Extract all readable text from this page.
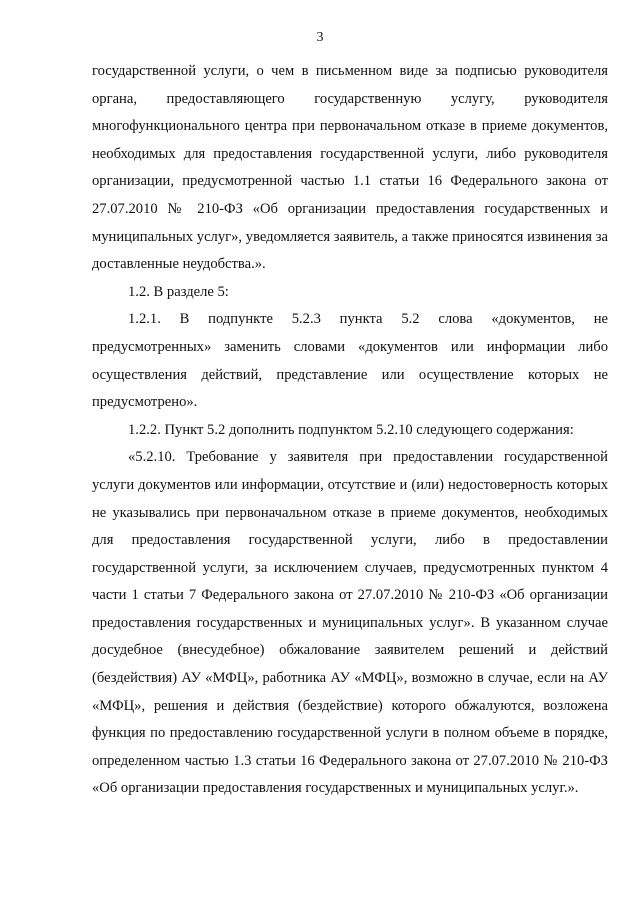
3

государственной услуги, о чем в письменном виде за подписью руководителя органа, предоставляющего государственную услугу, руководителя многофункционального центра при первоначальном отказе в приеме документов, необходимых для предоставления государственной услуги, либо руководителя организации, предусмотренной частью 1.1 статьи 16 Федерального закона от 27.07.2010 № 210-ФЗ «Об организации предоставления государственных и муниципальных услуг», уведомляется заявитель, а также приносятся извинения за доставленные неудобства.».

1.2. В разделе 5:

1.2.1. В подпункте 5.2.3 пункта 5.2 слова «документов, не предусмотренных» заменить словами «документов или информации либо осуществления действий, представление или осуществление которых не предусмотрено».

1.2.2. Пункт 5.2 дополнить подпунктом 5.2.10 следующего содержания:

«5.2.10. Требование у заявителя при предоставлении государственной услуги документов или информации, отсутствие и (или) недостоверность которых не указывались при первоначальном отказе в приеме документов, необходимых для предоставления государственной услуги, либо в предоставлении государственной услуги, за исключением случаев, предусмотренных пунктом 4 части 1 статьи 7 Федерального закона от 27.07.2010 № 210-ФЗ «Об организации предоставления государственных и муниципальных услуг». В указанном случае досудебное (внесудебное) обжалование заявителем решений и действий (бездействия) АУ «МФЦ», работника АУ «МФЦ», возможно в случае, если на АУ «МФЦ», решения и действия (бездействие) которого обжалуются, возложена функция по предоставлению государственной услуги в полном объеме в порядке, определенном частью 1.3 статьи 16 Федерального закона от 27.07.2010 № 210-ФЗ «Об организации предоставления государственных и муниципальных услуг.».
